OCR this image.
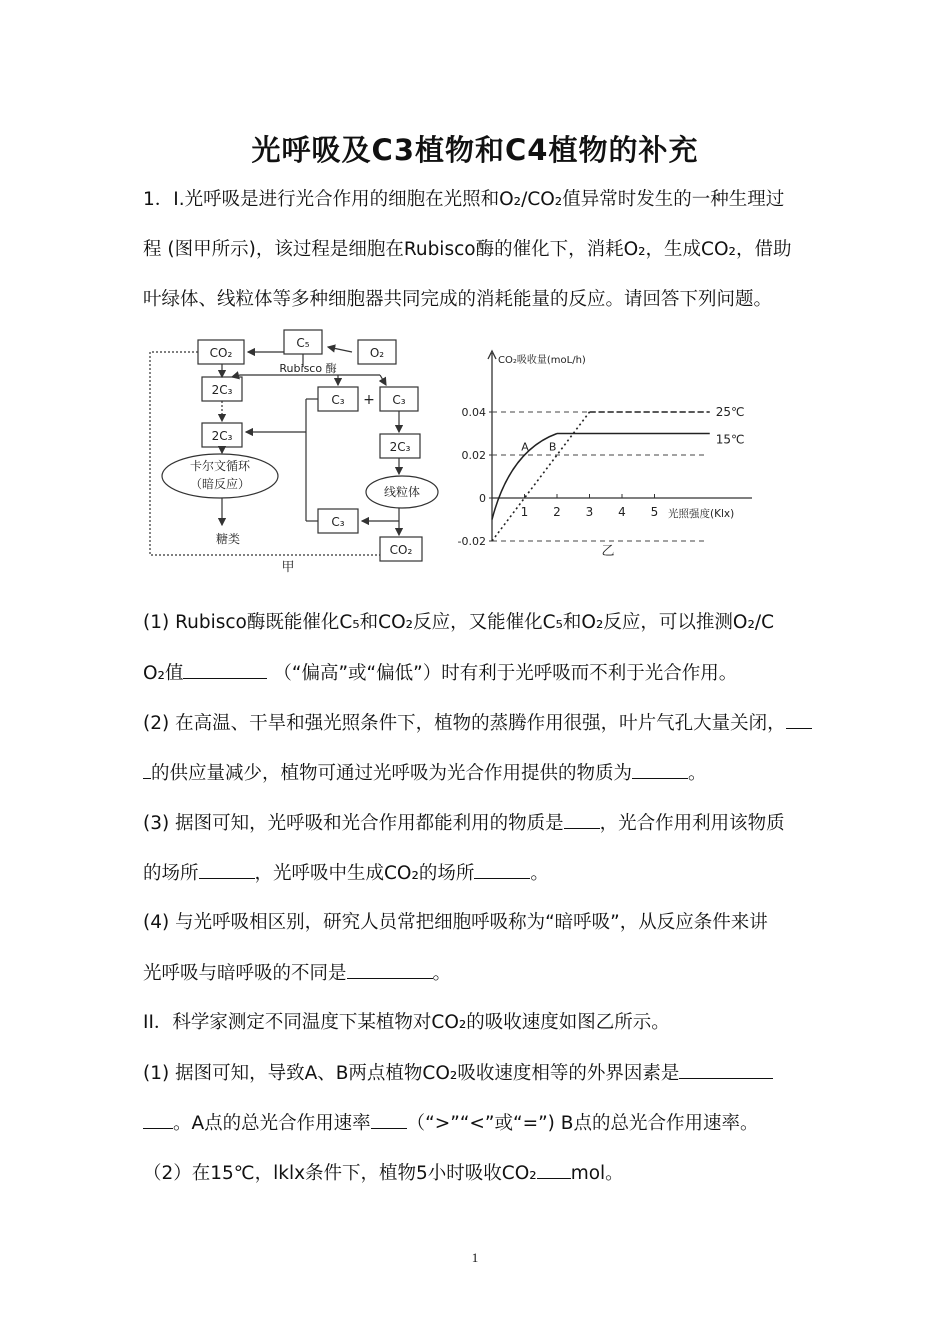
光呼吸及C3植物和C4植物的补充
1．I.光呼吸是进行光合作用的细胞在光照和O₂/CO₂值异常时发生的一种生理过
程 (图甲所示)，该过程是细胞在Rubisco酶的催化下，消耗O₂，生成CO₂，借助
叶绿体、线粒体等多种细胞器共同完成的消耗能量的反应。请回答下列问题。
CO₂
C₅
O₂
Rubisco 酶
2C₃
2C₃
C₃ + C₃
2C₃
卡尔文循环
（暗反应）
线粒体
C₃
CO₂
糖类
甲
-0.02
0
0.02
0.04
1 2 3 4 5
25℃
15℃
A B
CO₂吸收量(moL/h)
光照强度(Klx)
乙
(1) Rubisco酶既能催化C₅和CO₂反应，又能催化C₅和O₂反应，可以推测O₂/C
O₂值	（“偏高”或“偏低”）时有利于光呼吸而不利于光合作用。
(2) 在高温、干旱和强光照条件下，植物的蒸腾作用很强，叶片气孔大量关闭，
的供应量减少，植物可通过光呼吸为光合作用提供的物质为	。
(3) 据图可知，光呼吸和光合作用都能利用的物质是 ，光合作用利用该物质
的场所	，光呼吸中生成CO₂的场所	。
(4) 与光呼吸相区别，研究人员常把细胞呼吸称为“暗呼吸”，从反应条件来讲
光呼吸与暗呼吸的不同是	。
II．科学家测定不同温度下某植物对CO₂的吸收速度如图乙所示。
(1) 据图可知，导致A、B两点植物CO₂吸收速度相等的外界因素是
。A点的总光合作用速率 （“>”“<”或“=”) B点的总光合作用速率。
（2）在15℃，lklx条件下，植物5小时吸收CO₂ mol。
1
